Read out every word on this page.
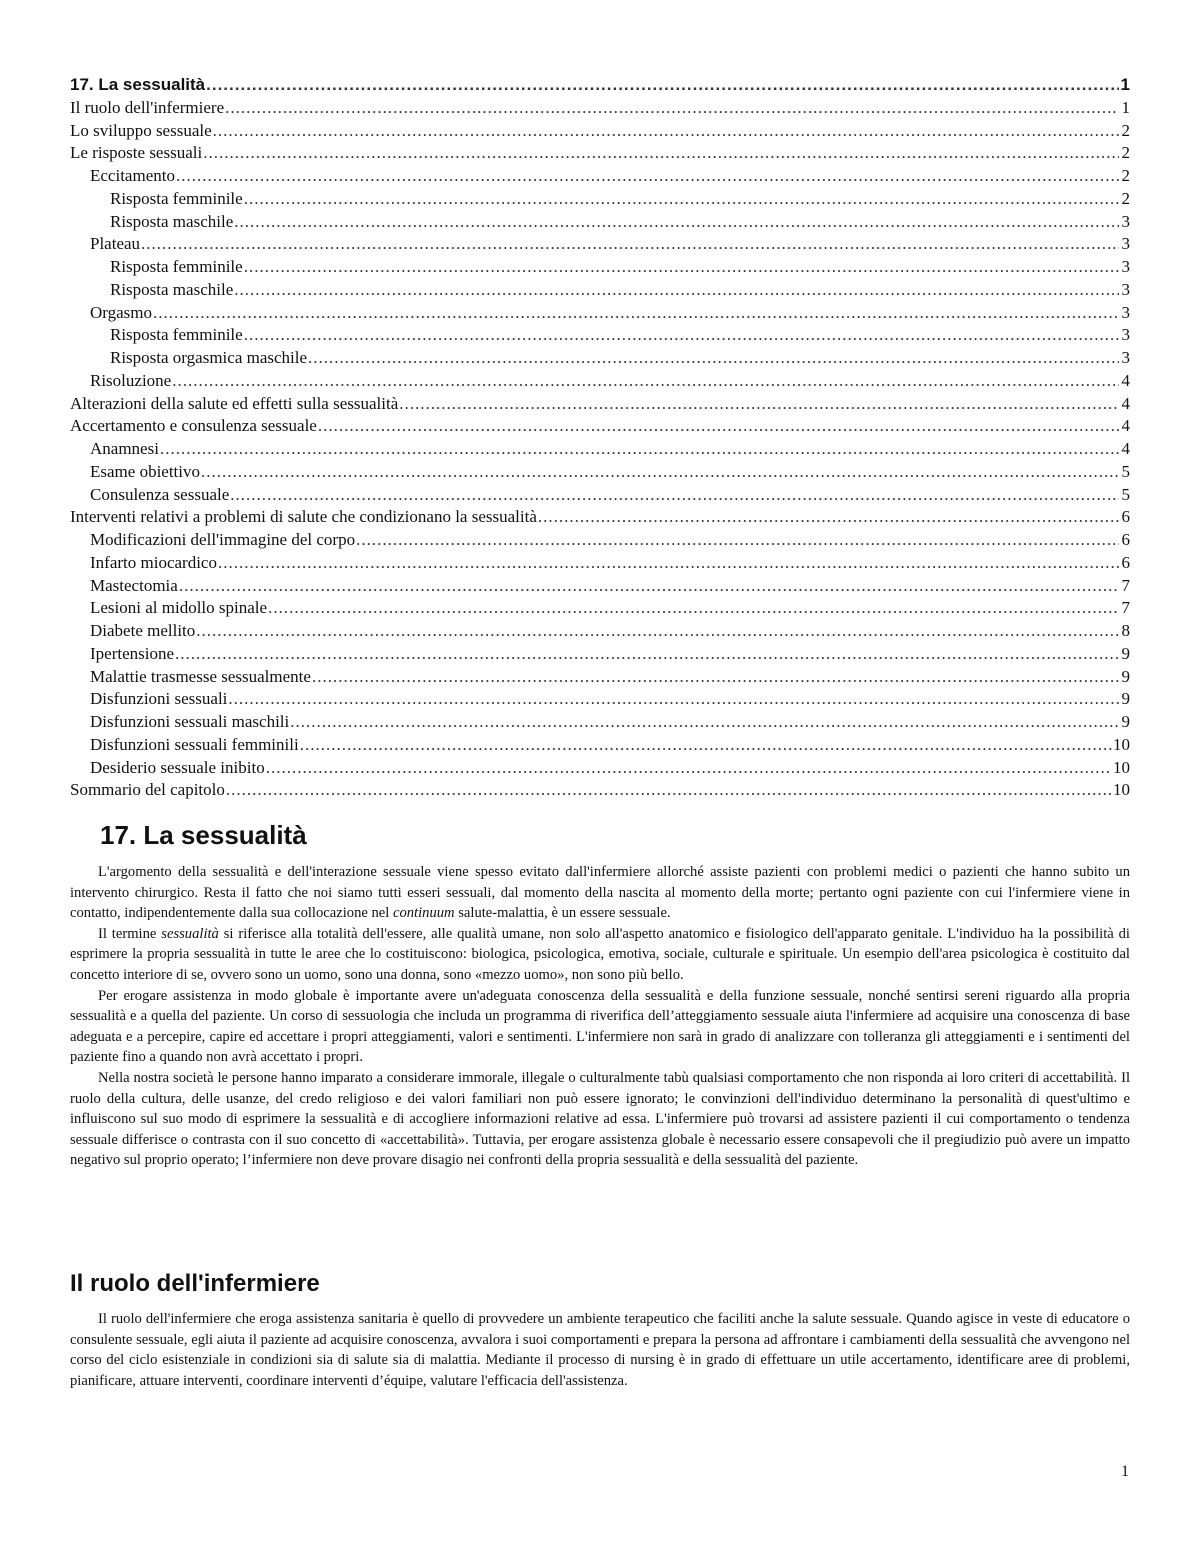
17. La sessualità .....	1
Il ruolo dell'infermiere .....	1
Lo sviluppo sessuale .....	2
Le risposte sessuali .....	2
Eccitamento .....	2
Risposta femminile .....	2
Risposta maschile .....	3
Plateau .....	3
Risposta femminile .....	3
Risposta maschile .....	3
Orgasmo .....	3
Risposta femminile .....	3
Risposta orgasmica maschile .....	3
Risoluzione .....	4
Alterazioni della salute ed effetti sulla sessualità .....	4
Accertamento e consulenza sessuale .....	4
Anamnesi .....	4
Esame obiettivo .....	5
Consulenza sessuale .....	5
Interventi relativi a problemi di salute che condizionano la sessualità .....	6
Modificazioni dell'immagine del corpo .....	6
Infarto miocardico .....	6
Mastectomia .....	7
Lesioni al midollo spinale .....	7
Diabete mellito .....	8
Ipertensione .....	9
Malattie trasmesse sessualmente .....	9
Disfunzioni sessuali .....	9
Disfunzioni sessuali maschili .....	9
Disfunzioni sessuali femminili .....	10
Desiderio sessuale inibito .....	10
Sommario del capitolo .....	10
17. La sessualità

L'argomento della sessualità e dell'interazione sessuale viene spesso evitato dall'infermiere allorché assiste pazienti con problemi medici o pazienti che hanno subito un intervento chirurgico. Resta il fatto che noi siamo tutti esseri sessuali, dal momento della nascita al momento della morte; pertanto ogni paziente con cui l'infermiere viene in contatto, indipendentemente dalla sua collocazione nel continuum salute-malattia, è un essere sessuale.

Il termine sessualità si riferisce alla totalità dell'essere, alle qualità umane, non solo all'aspetto anatomico e fisiologico dell'apparato genitale. L'individuo ha la possibilità di esprimere la propria sessualità in tutte le aree che lo costituiscono: biologica, psicologica, emotiva, sociale, culturale e spirituale. Un esempio dell'area psicologica è costituito dal concetto interiore di se, ovvero sono un uomo, sono una donna, sono «mezzo uomo», non sono più bello.

Per erogare assistenza in modo globale è importante avere un'adeguata conoscenza della sessualità e della funzione sessuale, nonché sentirsi sereni riguardo alla propria sessualità e a quella del paziente. Un corso di sessuologia che includa un programma di riverifica dell’atteggiamento sessuale aiuta l'infermiere ad acquisire una conoscenza di base adeguata e a percepire, capire ed accettare i propri atteggiamenti, valori e sentimenti. L'infermiere non sarà in grado di analizzare con tolleranza gli atteggiamenti e i sentimenti del paziente fino a quando non avrà accettato i propri.

Nella nostra società le persone hanno imparato a considerare immorale, illegale o culturalmente tabù qualsiasi comportamento che non risponda ai loro criteri di accettabilità. Il ruolo della cultura, delle usanze, del credo religioso e dei valori familiari non può essere ignorato; le convinzioni dell'individuo determinano la personalità di quest'ultimo e influiscono sul suo modo di esprimere la sessualità e di accogliere informazioni relative ad essa. L'infermiere può trovarsi ad assistere pazienti il cui comportamento o tendenza sessuale differisce o contrasta con il suo concetto di «accettabilità». Tuttavia, per erogare assistenza globale è necessario essere consapevoli che il pregiudizio può avere un impatto negativo sul proprio operato; l’infermiere non deve provare disagio nei confronti della propria sessualità e della sessualità del paziente.

Il ruolo dell'infermiere

Il ruolo dell'infermiere che eroga assistenza sanitaria è quello di provvedere un ambiente terapeutico che faciliti anche la salute sessuale. Quando agisce in veste di educatore o consulente sessuale, egli aiuta il paziente ad acquisire conoscenza, avvalora i suoi comportamenti e prepara la persona ad affrontare i cambiamenti della sessualità che avvengono nel corso del ciclo esistenziale in condizioni sia di salute sia di malattia. Mediante il processo di nursing è in grado di effettuare un utile accertamento, identificare aree di problemi, pianificare, attuare interventi, coordinare interventi d’équipe, valutare l'efficacia dell'assistenza.

1
